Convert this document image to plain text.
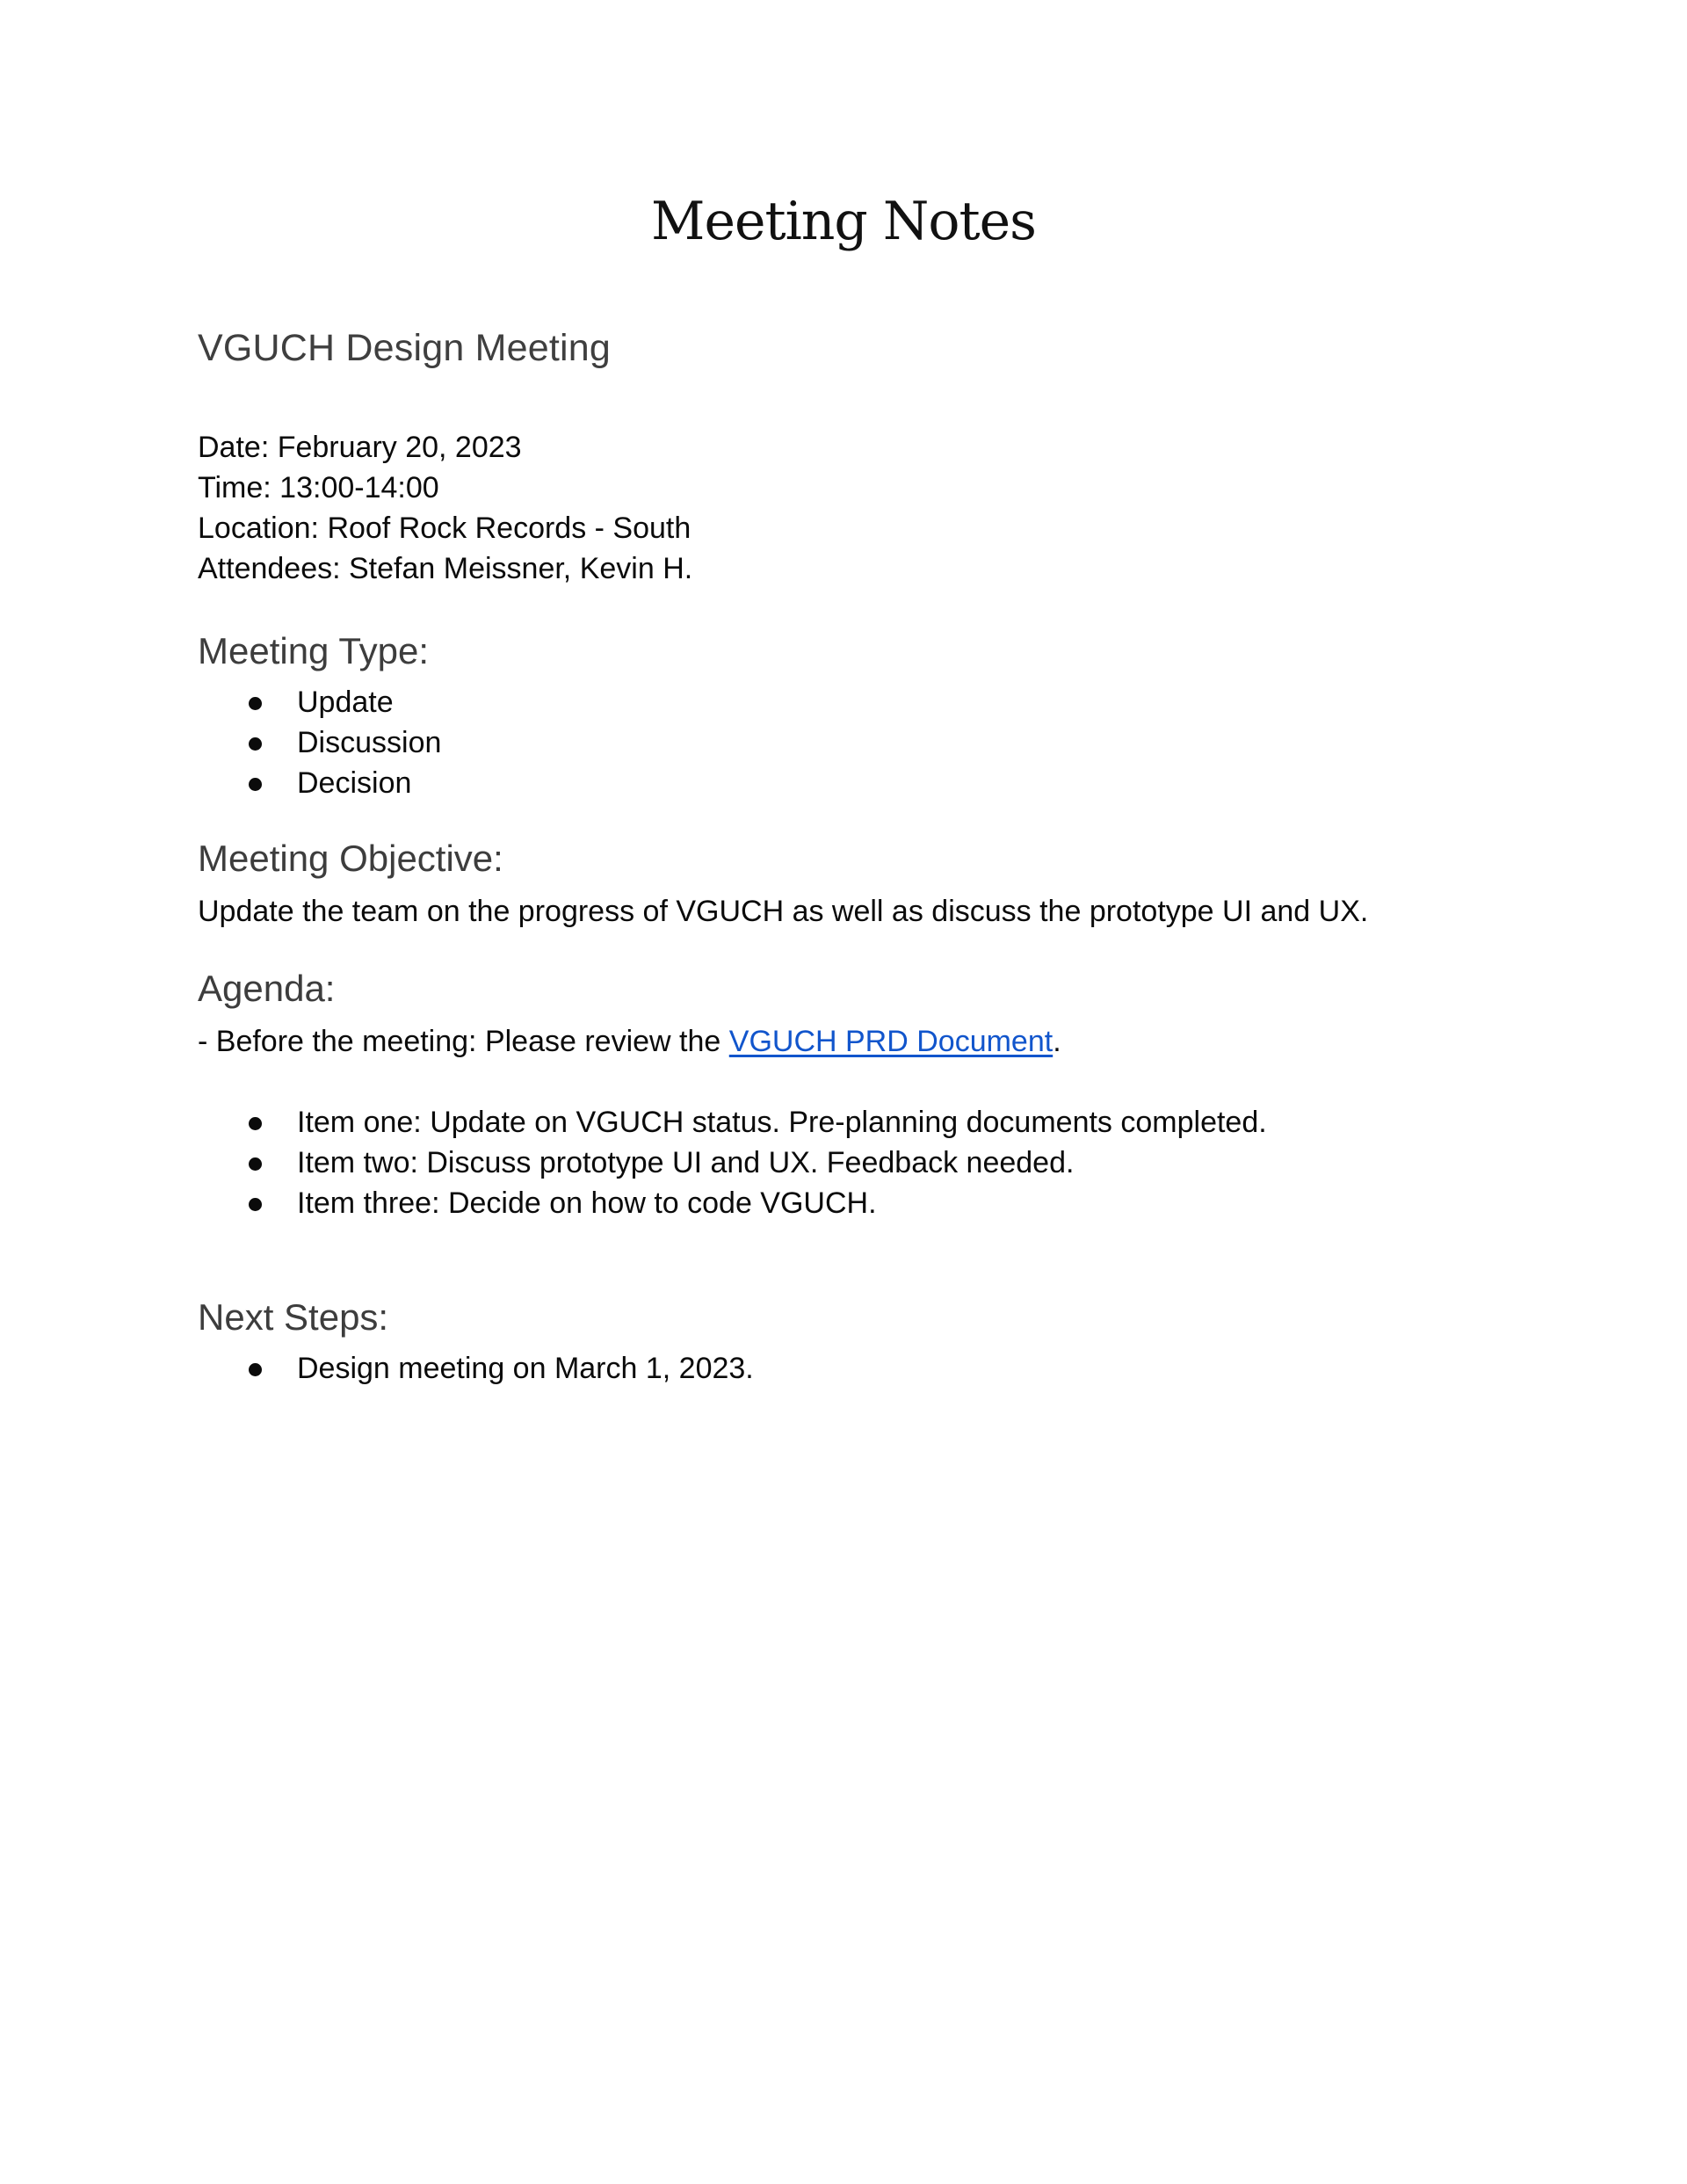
Meeting Notes
VGUCH Design Meeting

Date: February 20, 2023

Time: 13:00-14:00

Location: Roof Rock Records - South

Attendees: Stefan Meissner, Kevin H.

Meeting Type:
Update
Discussion
Decision
Meeting Objective:

Update the team on the progress of VGUCH as well as discuss the prototype UI and UX.

Agenda:

- Before the meeting: Please review the VGUCH PRD Document.

Item one: Update on VGUCH status. Pre-planning documents completed.
Item two: Discuss prototype UI and UX. Feedback needed.
Item three: Decide on how to code VGUCH.
Next Steps:
Design meeting on March 1, 2023.
